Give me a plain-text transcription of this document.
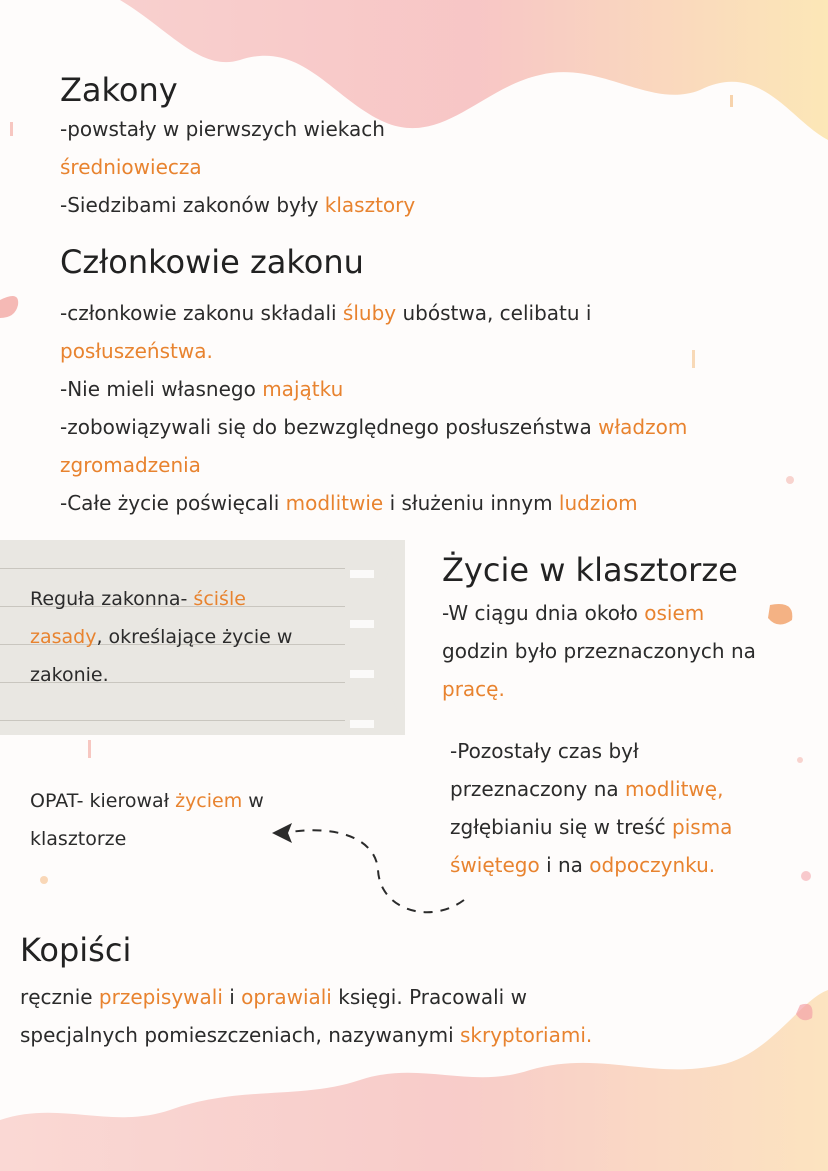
Zakony
-powstały w pierwszych wiekach
średniowiecza
-Siedzibami zakonów były klasztory
Członkowie zakonu
-członkowie zakonu składali śluby ubóstwa, celibatu i
posłuszeństwa.
-Nie mieli własnego majątku
-zobowiązywali się do bezwzględnego posłuszeństwa władzom
zgromadzenia
-Całe życie poświęcali modlitwie i służeniu innym ludziom
Reguła zakonna- ściśle
zasady, określające życie w
zakonie.
Życie w klasztorze
-W ciągu dnia około osiem
godzin było przeznaczonych na
pracę.
-Pozostały czas był
przeznaczony na modlitwę,
zgłębianiu się w treść pisma
świętego i na odpoczynku.
OPAT- kierował życiem w
klasztorze
Kopiści
ręcznie przepisywali i oprawiali księgi. Pracowali w
specjalnych pomieszczeniach, nazywanymi skryptoriami.
